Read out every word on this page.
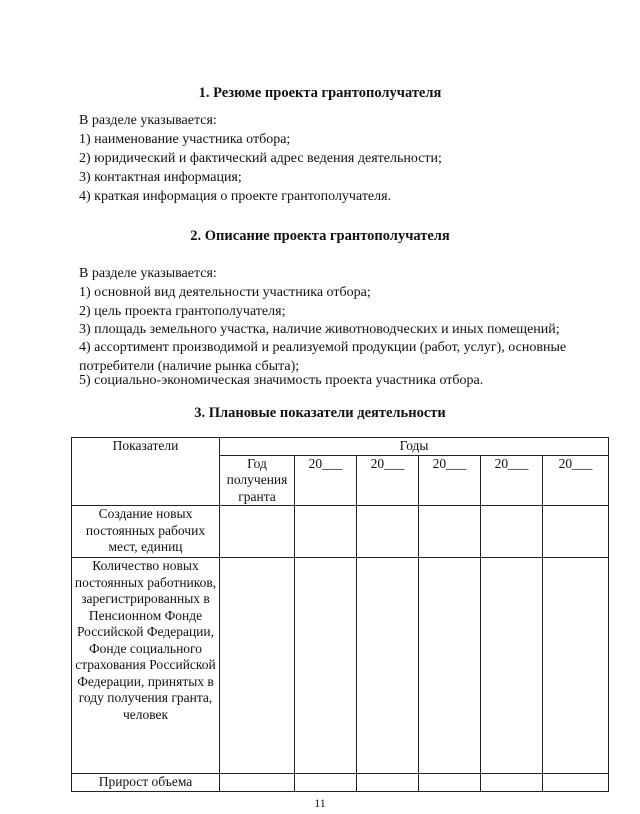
1. Резюме проекта грантополучателя
В разделе указывается:
1) наименование участника отбора;
2) юридический и фактический адрес ведения деятельности;
3) контактная информация;
4) краткая информация о проекте грантополучателя.
2. Описание проекта грантополучателя
В разделе указывается:
1) основной вид деятельности участника отбора;
2) цель проекта грантополучателя;
3) площадь земельного участка, наличие животноводческих и иных помещений;
4) ассортимент производимой и реализуемой продукции (работ, услуг), основные потребители (наличие рынка сбыта);
5) социально-экономическая значимость проекта участника отбора.
3. Плановые показатели деятельности
Показатели	Годы					
	Год получения гранта	20___	20___	20___	20___	20___
Создание новых постоянных рабочих мест, единиц						
Количество новых постоянных работников, зарегистрированных в Пенсионном Фонде Российской Федерации, Фонде социального страхования Российской Федерации, принятых в году получения гранта, человек						
Прирост объема						
11
